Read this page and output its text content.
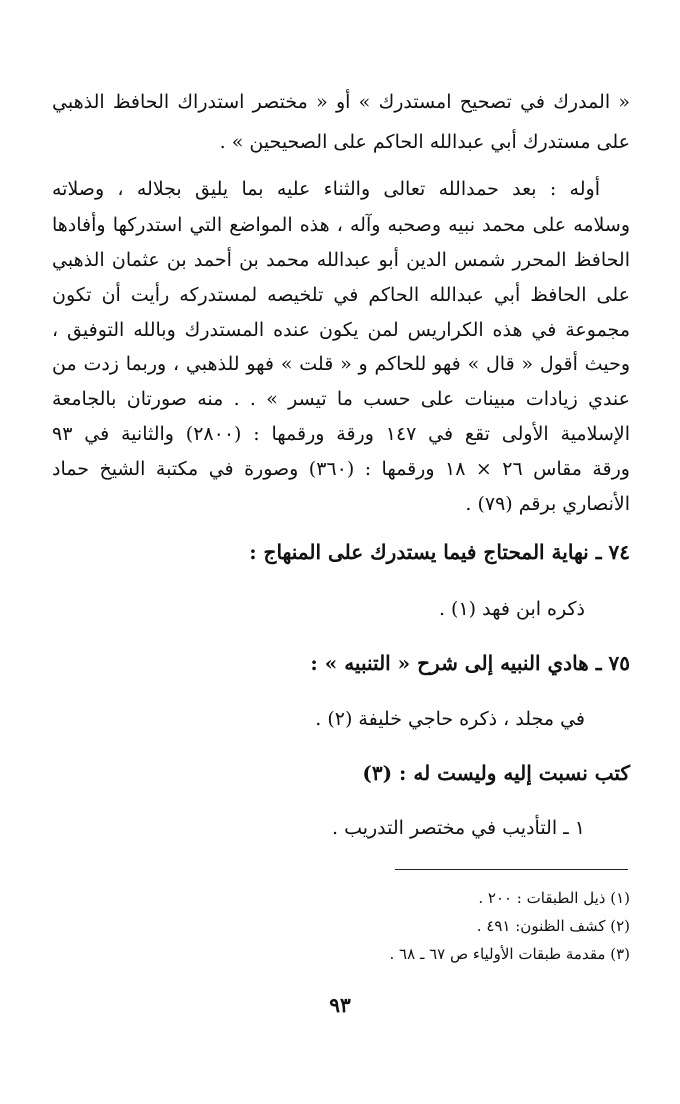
« المدرك في تصحيح امستدرك » أو « مختصر استدراك الحافظ الذهبي
على مستدرك أبي عبدالله الحاكم على الصحيحين » .
أوله : بعد حمدالله تعالى والثناء عليه بما يليق بجلاله ، وصلاته
وسلامه على محمد نبيه وصحبه وآله ، هذه المواضع التي استدركها وأفادها
الحافظ المحرر شمس الدين أبو عبدالله محمد بن أحمد بن عثمان الذهبي
على الحافظ أبي عبدالله الحاكم في تلخيصه لمستدركه رأيت أن تكون
مجموعة في هذه الكراريس لمن يكون عنده المستدرك وبالله التوفيق ،
وحيث أقول « قال » فهو للحاكم و « قلت » فهو للذهبي ، وربما زدت من
عندي زيادات مبينات على حسب ما تيسر » . . منه صورتان بالجامعة
الإسلامية الأولى تقع في ١٤٧ ورقة ورقمها : (٢٨٠٠) والثانية في ٩٣
ورقة مقاس ٢٦ × ١٨ ورقمها : (٣٦٠) وصورة في مكتبة الشيخ حماد
الأنصاري برقم (٧٩) .
٧٤ ـ نهاية المحتاج فيما يستدرك على المنهاج :
ذكره ابن فهد (١) .
٧٥ ـ هادي النبيه إلى شرح « التنبيه » :
في مجلد ، ذكره حاجي خليفة (٢) .
كتب نسبت إليه وليست له : (٣)
١ ـ التأديب في مختصر التدريب .
(١) ذيل الطبقات : ٢٠٠ .
(٢) كشف الظنون: ٤٩١ .
(٣) مقدمة طبقات الأولياء ص ٦٧ ـ ٦٨ .
٩٣
